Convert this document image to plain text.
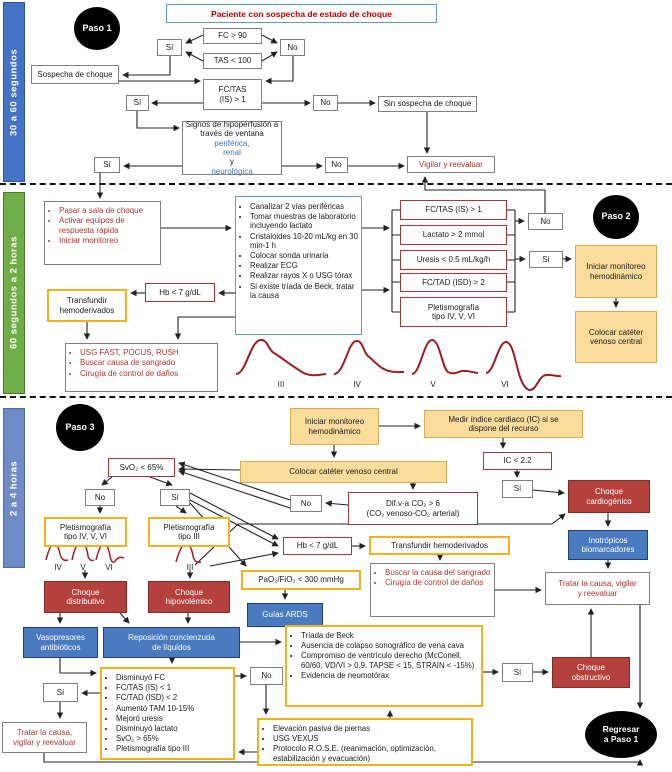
III	IV	V	VI
IV V VI	III
30 a 60 segundos
60 segundos a 2 horas
2 a 4 horas
Paso 1
Paso 2
Paso 3
Regresar
a Paso 1
Paciente con sospecha de estado de choque
FC > 90
TAS < 100
Sí	No
Sospecha de choque
FC/TAS
(IS) > 1
Sí	No	Sin sospecha de choque
Signos de hipoperfusión a
través de ventana
periférica,
renal
y
neurológica
Sí	No	Vigilar y reevaluar
• Pasar a sala de choque
• Activar equipos de respuesta rápida
• Iniciar monitoreo
• Canalizar 2 vías periféricas
• Tomar muestras de laboratorio incluyendo lactato
• Cristaloides 10-20 mL/kg en 30 min-1 h
• Colocar sonda urinaria
• Realizar ECG
• Realizar rayos X o USG tórax
• Si existe tríada de Beck, tratar la causa
Hb < 7 g/dL
Transfundir
hemoderivados
• USG FAST, POCUS, RUSH
• Buscar causa de sangrado
• Cirugía de control de daños
FC/TAS (IS) > 1
Lactato > 2 mmol
Uresis < 0.5 mL/kg/h
FC/TAD (ISD) > 2
Pletismografía
tipo IV, V, VI
No
Sí
Iniciar monitoreo
hemodinámico
Colocar catéter
venoso central
Iniciar monitoreo
hemodinámico
Medir índice cardiaco (IC) si se
dispone del recurso
IC < 2.2
Colocar catéter venoso central
SvO₂ < 65%
No	Sí
No	Dif.v-a CO₂ > 6
(CO₂ venoso-CO₂ arterial)
Sí	Choque
cardiogénico
Inotrópicos
biomarcadores
Pletismografía
tipo IV, V, VI
Pletismografía
tipo III
Hb < 7 g/dL	Transfundir hemoderivados
PaO₂/FiO₂ < 300 mmHg
Guías ARDS
Choque
distributivo
Choque
hipovolémico
Vasopresores
antibióticos
Reposición concienzuda
de líquidos
• Buscar la causa del sangrado
• Cirugía de control de daños	Tratar la causa, vigilar
y reevaluar
• Tríada de Beck
• Ausencia de colapso sonográfico de vena cava
• Compromiso de ventrículo derecho (McConell, 60/60, VD/VI > 0.9. TAPSE < 15, STRAIN < -15%)
• Evidencia de neumotórax	Sí
Choque
obstructivo
• Disminuyó FC
• FC/TAS (IS) < 1
• FC/TAD (ISD) < 2
• Aumentó TAM 10-15%
• Mejoró uresis
• Disminuyó lactato
• SvO₂ > 65%
• Pletismografía tipo III
No
Sí
Tratar la causa,
vigilar y reevaluar
• Elevación pasiva de piernas
• USG VEXUS
• Protocolo R.O.S.E. (reanimación, optimización, estabilización y evacuación)
